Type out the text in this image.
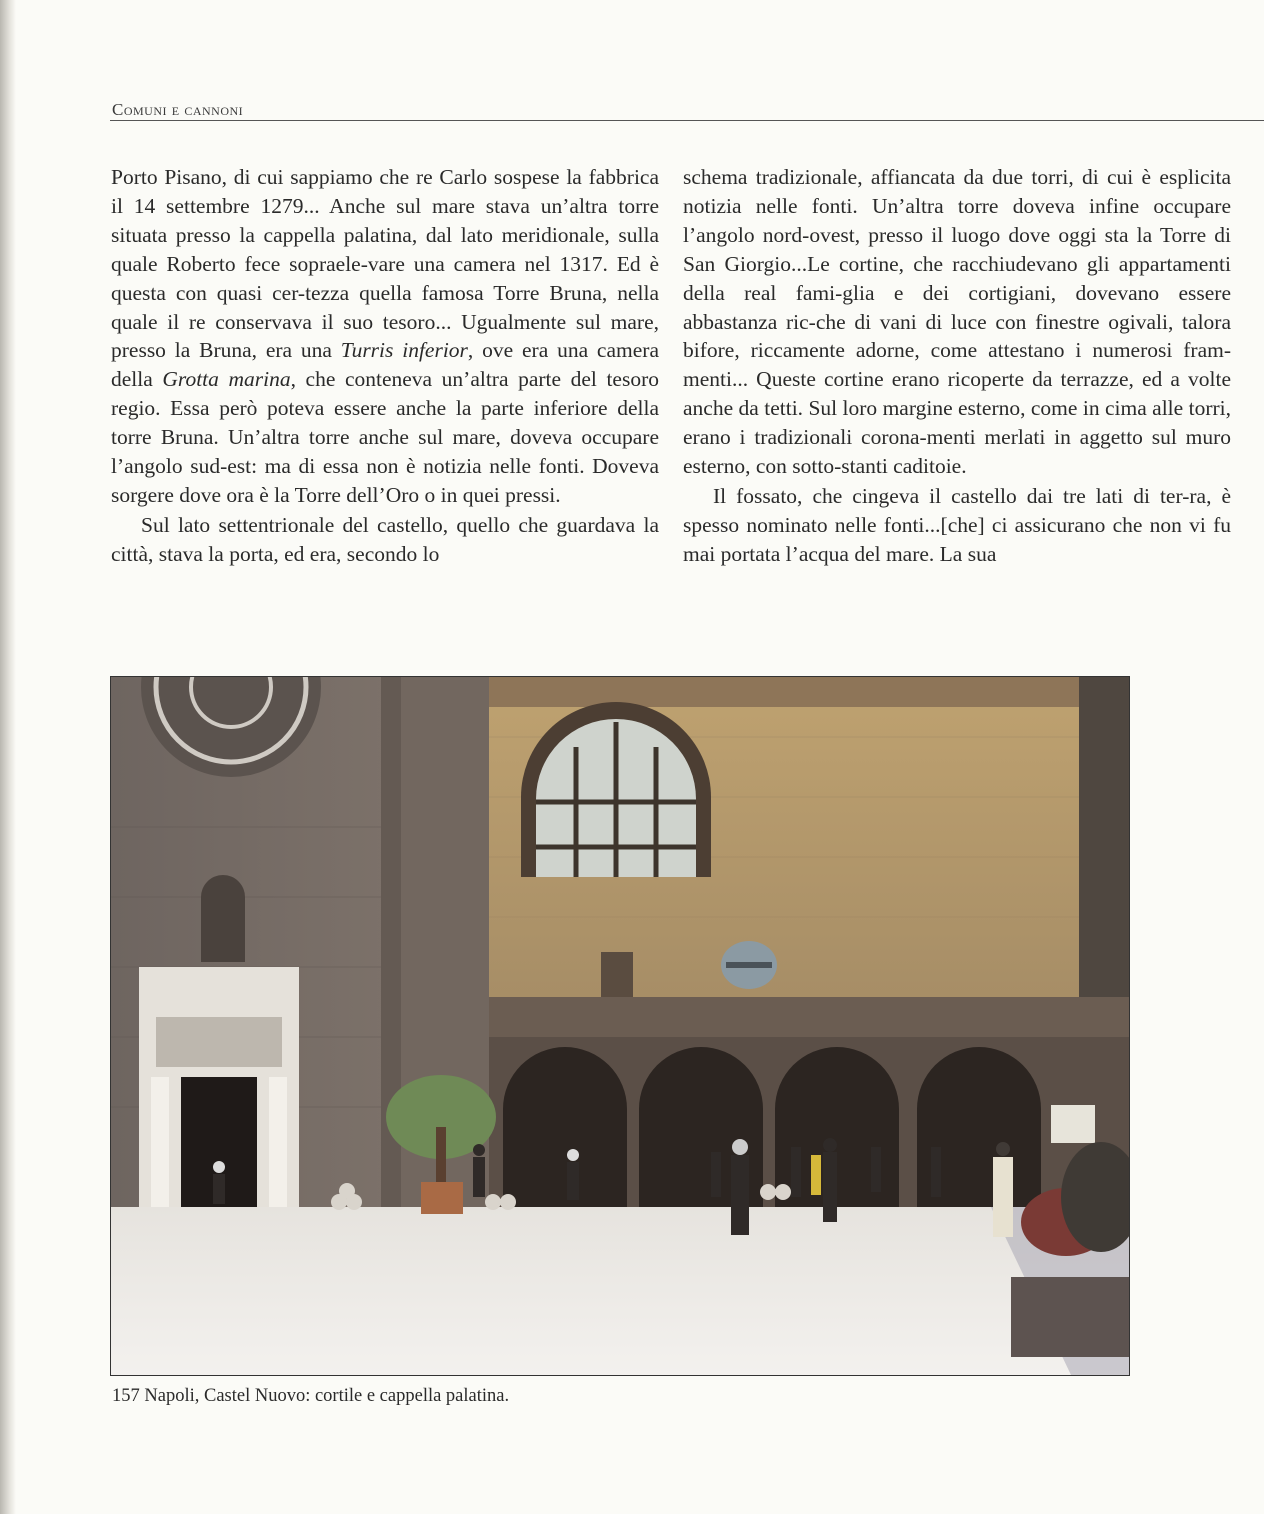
Comuni e cannoni

Porto Pisano, di cui sappiamo che re Carlo sospese la fabbrica il 14 settembre 1279... Anche sul mare stava un’altra torre situata presso la cappella palatina, dal lato meridionale, sulla quale Roberto fece sopraele-vare una camera nel 1317. Ed è questa con quasi cer-tezza quella famosa Torre Bruna, nella quale il re conservava il suo tesoro... Ugualmente sul mare, presso la Bruna, era una Turris inferior, ove era una camera della Grotta marina, che conteneva un’altra parte del tesoro regio. Essa però poteva essere anche la parte inferiore della torre Bruna. Un’altra torre anche sul mare, doveva occupare l’angolo sud-est: ma di essa non è notizia nelle fonti. Doveva sorgere dove ora è la Torre dell’Oro o in quei pressi.

Sul lato settentrionale del castello, quello che guardava la città, stava la porta, ed era, secondo lo

schema tradizionale, affiancata da due torri, di cui è esplicita notizia nelle fonti. Un’altra torre doveva infine occupare l’angolo nord-ovest, presso il luogo dove oggi sta la Torre di San Giorgio...Le cortine, che racchiudevano gli appartamenti della real fami-glia e dei cortigiani, dovevano essere abbastanza ric-che di vani di luce con finestre ogivali, talora bifore, riccamente adorne, come attestano i numerosi fram-menti... Queste cortine erano ricoperte da terrazze, ed a volte anche da tetti. Sul loro margine esterno, come in cima alle torri, erano i tradizionali corona-menti merlati in aggetto sul muro esterno, con sotto-stanti caditoie.

Il fossato, che cingeva il castello dai tre lati di ter-ra, è spesso nominato nelle fonti...[che] ci assicurano che non vi fu mai portata l’acqua del mare. La sua

157 Napoli, Castel Nuovo: cortile e cappella palatina.
